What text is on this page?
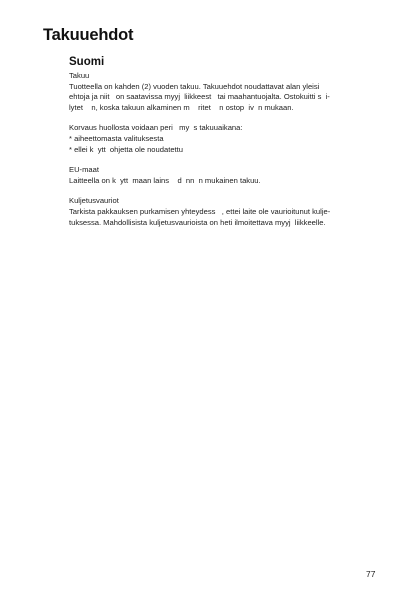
Takuuehdot
Suomi

Takuu
Tuotteella on kahden (2) vuoden takuu. Takuuehdot noudattavat alan yleisi
ehtoja ja niit   on saatavissa myyj  liikkeest   tai maahantuojalta. Ostokuitti s  i-
lytet    n, koska takuun alkaminen m    ritet    n ostop  iv  n mukaan.

Korvaus huollosta voidaan peri   my  s takuuaikana:
* aiheettomasta valituksesta
* ellei k  ytt  ohjetta ole noudatettu

EU-maat
Laitteella on k  ytt  maan lains    d  nn  n mukainen takuu.

Kuljetusvauriot
Tarkista pakkauksen purkamisen yhteydess   , ettei laite ole vaurioitunut kulje-
tuksessa. Mahdollisista kuljetusvaurioista on heti ilmoitettava myyj  liikkeelle.

77
